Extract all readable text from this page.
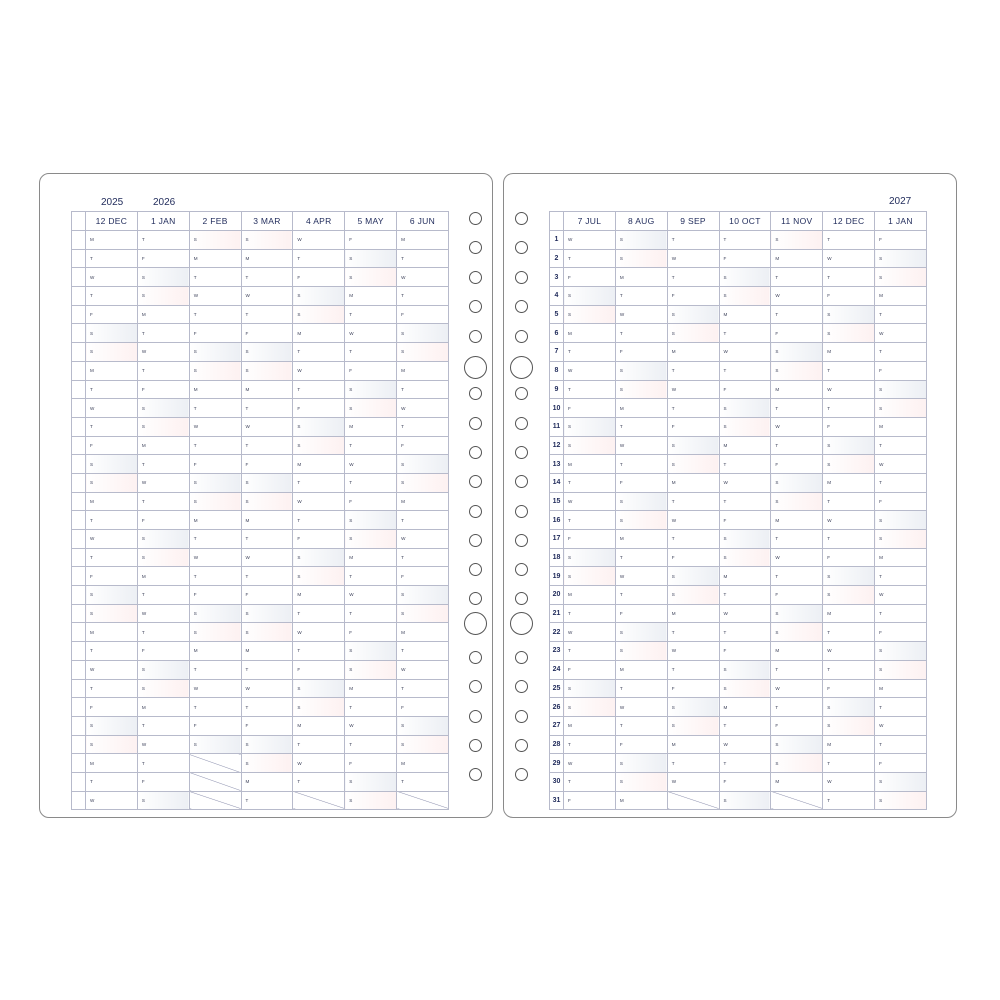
2025	2026	2027
	12 DEC	1 JAN	2 FEB	3 MAR	4 APR	5 MAY	6 JUN
	M	T	S	S	W	F	M
	T	F	M	M	T	S	T
	W	S	T	T	F	S	W
	T	S	W	W	S	M	T
	F	M	T	T	S	T	F
	S	T	F	F	M	W	S
	S	W	S	S	T	T	S
	M	T	S	S	W	F	M
	T	F	M	M	T	S	T
	W	S	T	T	F	S	W
	T	S	W	W	S	M	T
	F	M	T	T	S	T	F
	S	T	F	F	M	W	S
	S	W	S	S	T	T	S
	M	T	S	S	W	F	M
	T	F	M	M	T	S	T
	W	S	T	T	F	S	W
	T	S	W	W	S	M	T
	F	M	T	T	S	T	F
	S	T	F	F	M	W	S
	S	W	S	S	T	T	S
	M	T	S	S	W	F	M
	T	F	M	M	T	S	T
	W	S	T	T	F	S	W
	T	S	W	W	S	M	T
	F	M	T	T	S	T	F
	S	T	F	F	M	W	S
	S	W	S	S	T	T	S
	M	T		S	W	F	M
	T	F		M	T	S	T
	W	S		T		S	
	7 JUL	8 AUG	9 SEP	10 OCT	11 NOV	12 DEC	1 JAN
1	W	S	T	T	S	T	F
2	T	S	W	F	M	W	S
3	F	M	T	S	T	T	S
4	S	T	F	S	W	F	M
5	S	W	S	M	T	S	T
6	M	T	S	T	F	S	W
7	T	F	M	W	S	M	T
8	W	S	T	T	S	T	F
9	T	S	W	F	M	W	S
10	F	M	T	S	T	T	S
11	S	T	F	S	W	F	M
12	S	W	S	M	T	S	T
13	M	T	S	T	F	S	W
14	T	F	M	W	S	M	T
15	W	S	T	T	S	T	F
16	T	S	W	F	M	W	S
17	F	M	T	S	T	T	S
18	S	T	F	S	W	F	M
19	S	W	S	M	T	S	T
20	M	T	S	T	F	S	W
21	T	F	M	W	S	M	T
22	W	S	T	T	S	T	F
23	T	S	W	F	M	W	S
24	F	M	T	S	T	T	S
25	S	T	F	S	W	F	M
26	S	W	S	M	T	S	T
27	M	T	S	T	F	S	W
28	T	F	M	W	S	M	T
29	W	S	T	T	S	T	F
30	T	S	W	F	M	W	S
31	F	M		S		T	S
